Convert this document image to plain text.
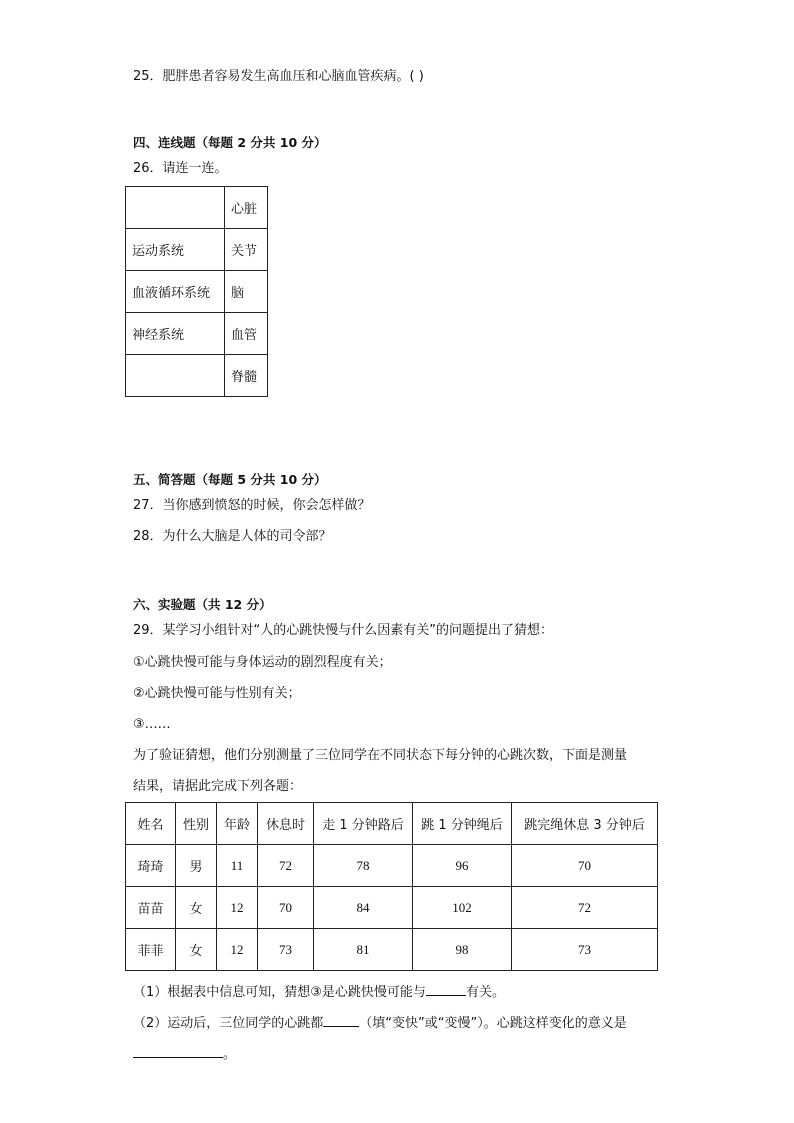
25．肥胖患者容易发生高血压和心脑血管疾病。( )
四、连线题（每题 2 分共 10 分）
26．请连一连。
	心脏
运动系统	关节
血液循环系统	脑
神经系统	血管
	脊髓
五、简答题（每题 5 分共 10 分）
27．当你感到愤怒的时候，你会怎样做？
28．为什么大脑是人体的司令部？
六、实验题（共 12 分）
29．某学习小组针对“人的心跳快慢与什么因素有关”的问题提出了猜想：
①心跳快慢可能与身体运动的剧烈程度有关；
②心跳快慢可能与性别有关；
③……
为了验证猜想，他们分别测量了三位同学在不同状态下每分钟的心跳次数，下面是测量
结果，请据此完成下列各题：
姓名	性别	年龄	休息时	走 1 分钟路后	跳 1 分钟绳后	跳完绳休息 3 分钟后
琦琦	男	11	72	78	96	70
苗苗	女	12	70	84	102	72
菲菲	女	12	73	81	98	73
（1）根据表中信息可知，猜想③是心跳快慢可能与	有关。
（2）运动后，三位同学的心跳都	（填“变快”或“变慢”）。心跳这样变化的意义是
。
